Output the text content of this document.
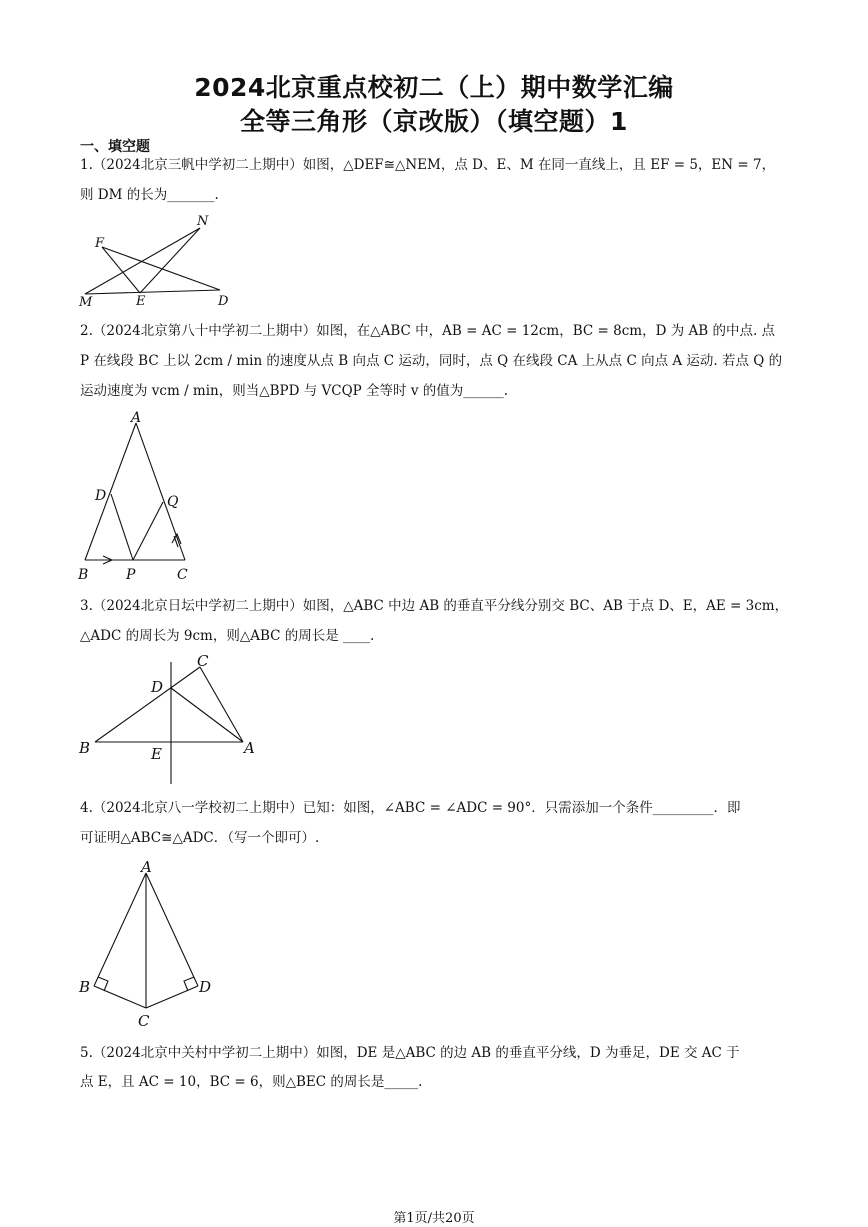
2024北京重点校初二（上）期中数学汇编
全等三角形（京改版）（填空题）1
一、填空题
1.（2024北京三帆中学初二上期中）如图，△DEF≅△NEM，点 D、E、M 在同一直线上，且 EF = 5，EN = 7，
则 DM 的长为_______.
F
N
M	E	D
2.（2024北京第八十中学初二上期中）如图，在△ABC 中，AB = AC = 12cm，BC = 8cm，D 为 AB 的中点. 点
P 在线段 BC 上以 2cm / min 的速度从点 B 向点 C 运动，同时，点 Q 在线段 CA 上从点 C 向点 A 运动. 若点 Q 的
运动速度为 vcm / min，则当△BPD 与 VCQP 全等时 v 的值为______.
A
D	Q
B	P	C
3.（2024北京日坛中学初二上期中）如图，△ABC 中边 AB 的垂直平分线分别交 BC、AB 于点 D、E，AE = 3cm，
△ADC 的周长为 9cm，则△ABC 的周长是 ____.
C
D
B	E	A
4.（2024北京八一学校初二上期中）已知：如图，∠ABC = ∠ADC = 90°．只需添加一个条件_________．即
可证明△ABC≅△ADC．（写一个即可）.
A
B	D
C
5.（2024北京中关村中学初二上期中）如图，DE 是△ABC 的边 AB 的垂直平分线，D 为垂足，DE 交 AC 于
点 E，且 AC = 10，BC = 6，则△BEC 的周长是_____.
第1页/共20页
